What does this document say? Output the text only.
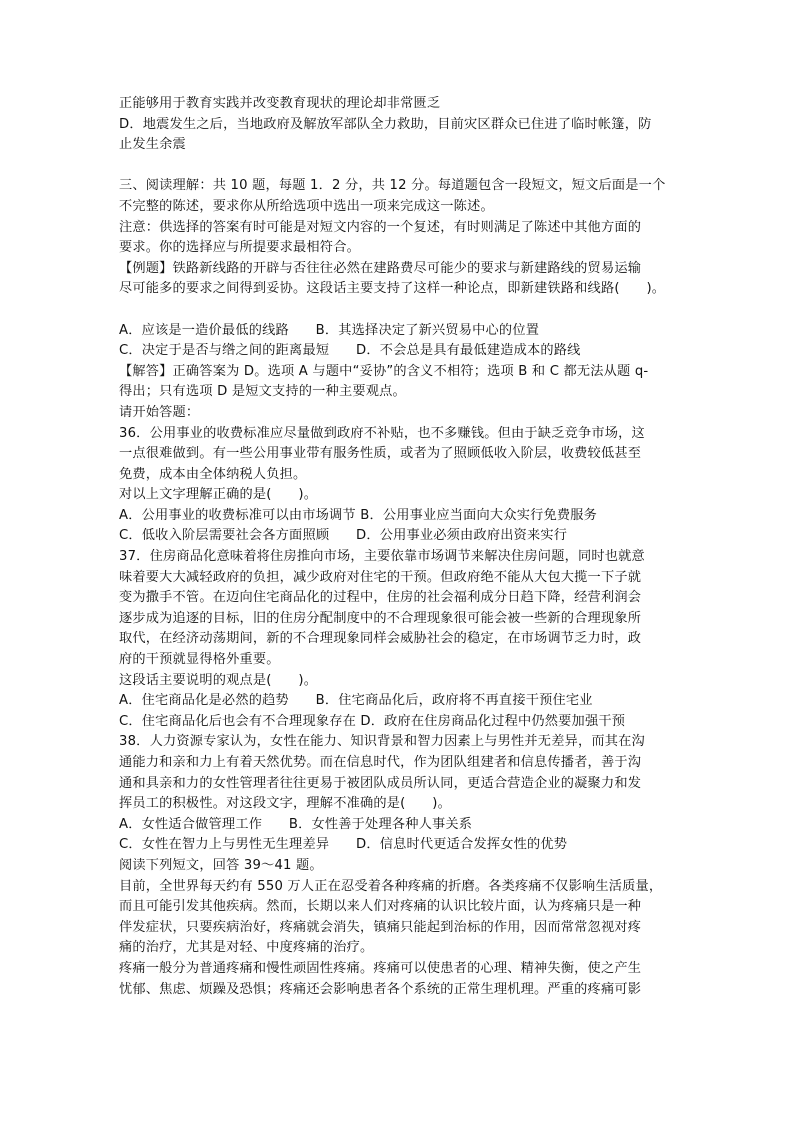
正能够用于教育实践并改变教育现状的理论却非常匮乏
D．地震发生之后，当地政府及解放军部队全力救助，目前灾区群众已住进了临时帐篷，防
止发生余震
三、阅读理解：共 10 题，每题 1．2 分，共 12 分。每道题包含一段短文，短文后面是一个
不完整的陈述，要求你从所给选项中选出一项来完成这一陈述。
注意：供选择的答案有时可能是对短文内容的一个复述，有时则满足了陈述中其他方面的
要求。你的选择应与所提要求最相符合。
【例题】铁路新线路的开辟与否往往必然在建路费尽可能少的要求与新建路线的贸易运输
尽可能多的要求之间得到妥协。这段话主要支持了这样一种论点，即新建铁路和线路(　　)。
A．应该是一造价最低的线路　　B．其选择决定了新兴贸易中心的位置
C．决定于是否与绺之间的距离最短　　D．不会总是具有最低建造成本的路线
【解答】正确答案为 D。选项 A 与题中“妥协”的含义不相符；选项 B 和 C 都无法从题 q-
得出；只有选项 D 是短文支持的一种主要观点。
请开始答题：
36．公用事业的收费标准应尽量做到政府不补贴，也不多赚钱。但由于缺乏竞争市场，这
一点很难做到。有一些公用事业带有服务性质，或者为了照顾低收入阶层，收费较低甚至
免费，成本由全体纳税人负担。
对以上文字理解正确的是(　　)。
A．公用事业的收费标准可以由市场调节 B．公用事业应当面向大众实行免费服务
C．低收入阶层需要社会各方面照顾　　D．公用事业必须由政府出资来实行
37．住房商品化意味着将住房推向市场，主要依靠市场调节来解决住房问题，同时也就意
味着要大大减轻政府的负担，减少政府对住宅的干预。但政府绝不能从大包大揽一下子就
变为撒手不管。在迈向住宅商品化的过程中，住房的社会福利成分日趋下降，经营利润会
逐步成为追逐的目标，旧的住房分配制度中的不合理现象很可能会被一些新的合理现象所
取代，在经济动荡期间，新的不合理现象同样会威胁社会的稳定，在市场调节乏力时，政
府的干预就显得格外重要。
这段话主要说明的观点是(　　)。
A．住宅商品化是必然的趋势　　B．住宅商品化后，政府将不再直接干预住宅业
C．住宅商品化后也会有不合理现象存在 D．政府在住房商品化过程中仍然要加强干预
38．人力资源专家认为，女性在能力、知识背景和智力因素上与男性并无差异，而其在沟
通能力和亲和力上有着天然优势。而在信息时代，作为团队组建者和信息传播者，善于沟
通和具亲和力的女性管理者往往更易于被团队成员所认同，更适合营造企业的凝聚力和发
挥员工的积极性。对这段文字，理解不准确的是(　　)。
A．女性适合做管理工作　　B．女性善于处理各种人事关系
C．女性在智力上与男性无生理差异　　D．信息时代更适合发挥女性的优势
阅读下列短文，回答 39～41 题。
目前，全世界每天约有 550 万人正在忍受着各种疼痛的折磨。各类疼痛不仅影响生活质量，
而且可能引发其他疾病。然而，长期以来人们对疼痛的认识比较片面，认为疼痛只是一种
伴发症状，只要疾病治好，疼痛就会消失，镇痛只能起到治标的作用，因而常常忽视对疼
痛的治疗，尤其是对轻、中度疼痛的治疗。
疼痛一般分为普通疼痛和慢性顽固性疼痛。疼痛可以使患者的心理、精神失衡，使之产生
忧郁、焦虑、烦躁及恐惧；疼痛还会影响患者各个系统的正常生理机理。严重的疼痛可影
